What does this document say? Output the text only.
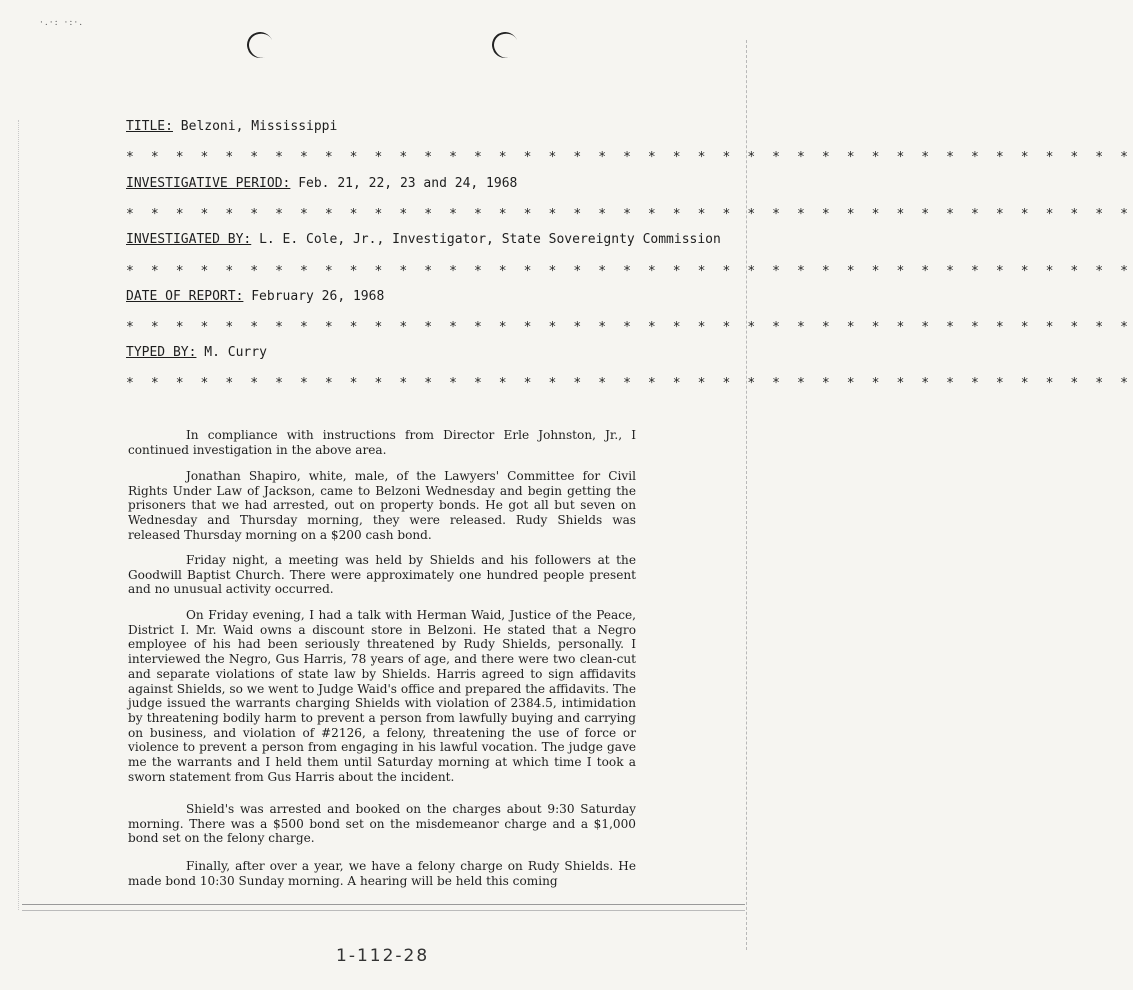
·.·: ·:·.
TITLE: Belzoni, Mississippi
* * * * * * * * * * * * * * * * * * * * * * * * * * * * * * * * * * * * * * * * *
INVESTIGATIVE PERIOD: Feb. 21, 22, 23 and 24, 1968
* * * * * * * * * * * * * * * * * * * * * * * * * * * * * * * * * * * * * * * * *
INVESTIGATED BY: L. E. Cole, Jr., Investigator, State Sovereignty Commission
* * * * * * * * * * * * * * * * * * * * * * * * * * * * * * * * * * * * * * * * *
DATE OF REPORT: February 26, 1968
* * * * * * * * * * * * * * * * * * * * * * * * * * * * * * * * * * * * * * * * *
TYPED BY: M. Curry
* * * * * * * * * * * * * * * * * * * * * * * * * * * * * * * * * * * * * * * * *
In compliance with instructions from Director Erle Johnston, Jr., I continued investigation in the above area.
Jonathan Shapiro, white, male, of the Lawyers' Committee for Civil Rights Under Law of Jackson, came to Belzoni Wednesday and begin getting the prisoners that we had arrested, out on property bonds. He got all but seven on Wednesday and Thursday morning, they were released. Rudy Shields was released Thursday morning on a $200 cash bond.
Friday night, a meeting was held by Shields and his followers at the Goodwill Baptist Church. There were approximately one hundred people present and no unusual activity occurred.
On Friday evening, I had a talk with Herman Waid, Justice of the Peace, District I. Mr. Waid owns a discount store in Belzoni. He stated that a Negro employee of his had been seriously threatened by Rudy Shields, personally. I interviewed the Negro, Gus Harris, 78 years of age, and there were two clean-cut and separate violations of state law by Shields. Harris agreed to sign affidavits against Shields, so we went to Judge Waid's office and prepared the affidavits. The judge issued the warrants charging Shields with violation of 2384.5, intimidation by threatening bodily harm to prevent a person from lawfully buying and carrying on business, and violation of #2126, a felony, threatening the use of force or violence to prevent a person from engaging in his lawful vocation. The judge gave me the warrants and I held them until Saturday morning at which time I took a sworn statement from Gus Harris about the incident.
Shield's was arrested and booked on the charges about 9:30 Saturday morning. There was a $500 bond set on the misdemeanor charge and a $1,000 bond set on the felony charge.
Finally, after over a year, we have a felony charge on Rudy Shields. He made bond 10:30 Sunday morning. A hearing will be held this coming
1-112-28
